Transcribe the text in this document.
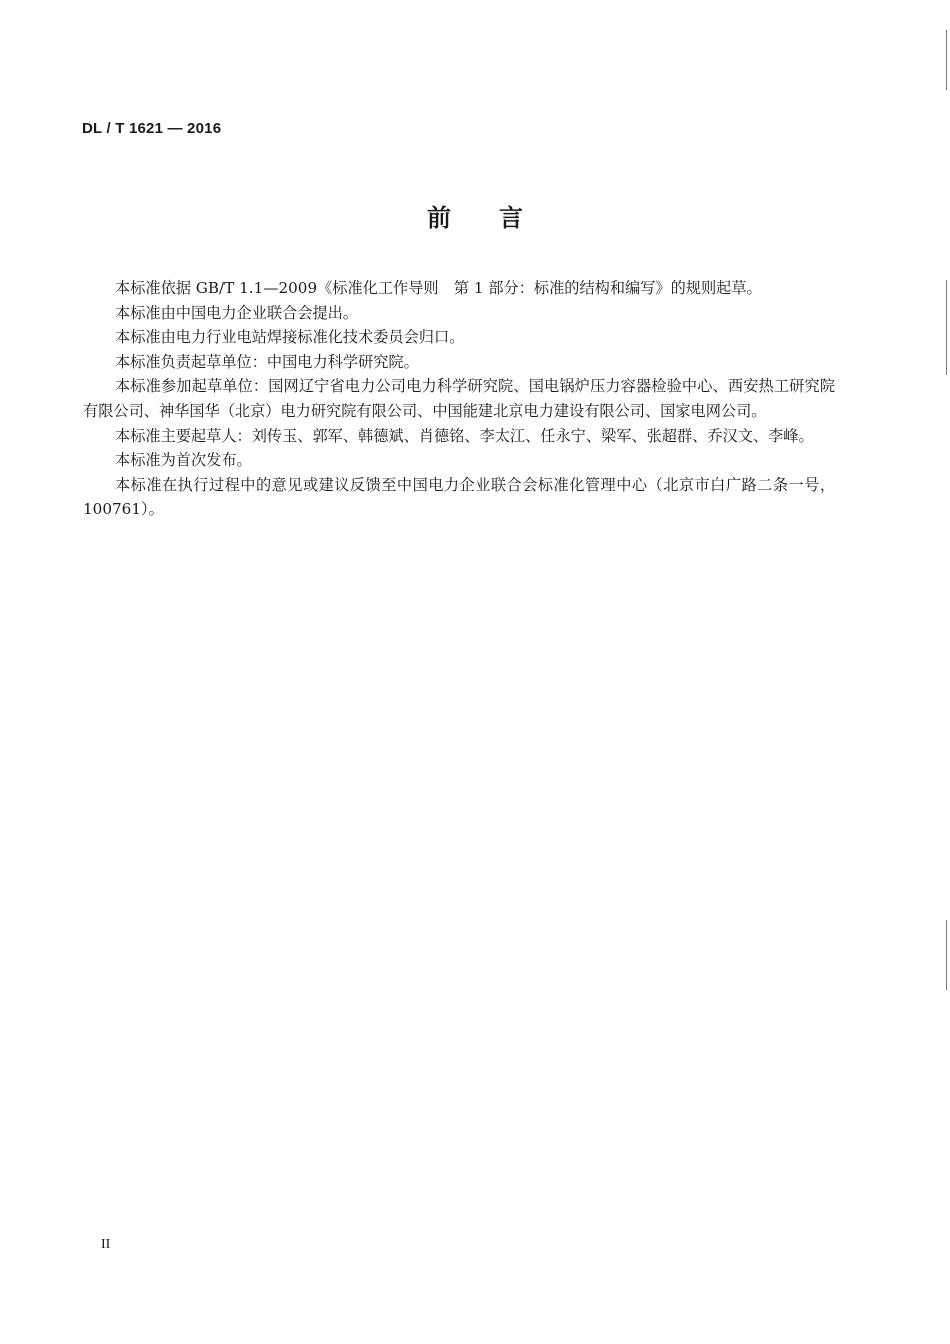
DL / T 1621 — 2016
前　　言

本标准依据 GB/T 1.1—2009《标准化工作导则　第 1 部分：标准的结构和编写》的规则起草。

本标准由中国电力企业联合会提出。

本标准由电力行业电站焊接标准化技术委员会归口。

本标准负责起草单位：中国电力科学研究院。

本标准参加起草单位：国网辽宁省电力公司电力科学研究院、国电锅炉压力容器检验中心、西安热工研究院有限公司、神华国华（北京）电力研究院有限公司、中国能建北京电力建设有限公司、国家电网公司。

本标准主要起草人：刘传玉、郭军、韩德斌、肖德铭、李太江、任永宁、梁军、张超群、乔汉文、李峰。

本标准为首次发布。

本标准在执行过程中的意见或建议反馈至中国电力企业联合会标准化管理中心（北京市白广路二条一号，100761）。

II
